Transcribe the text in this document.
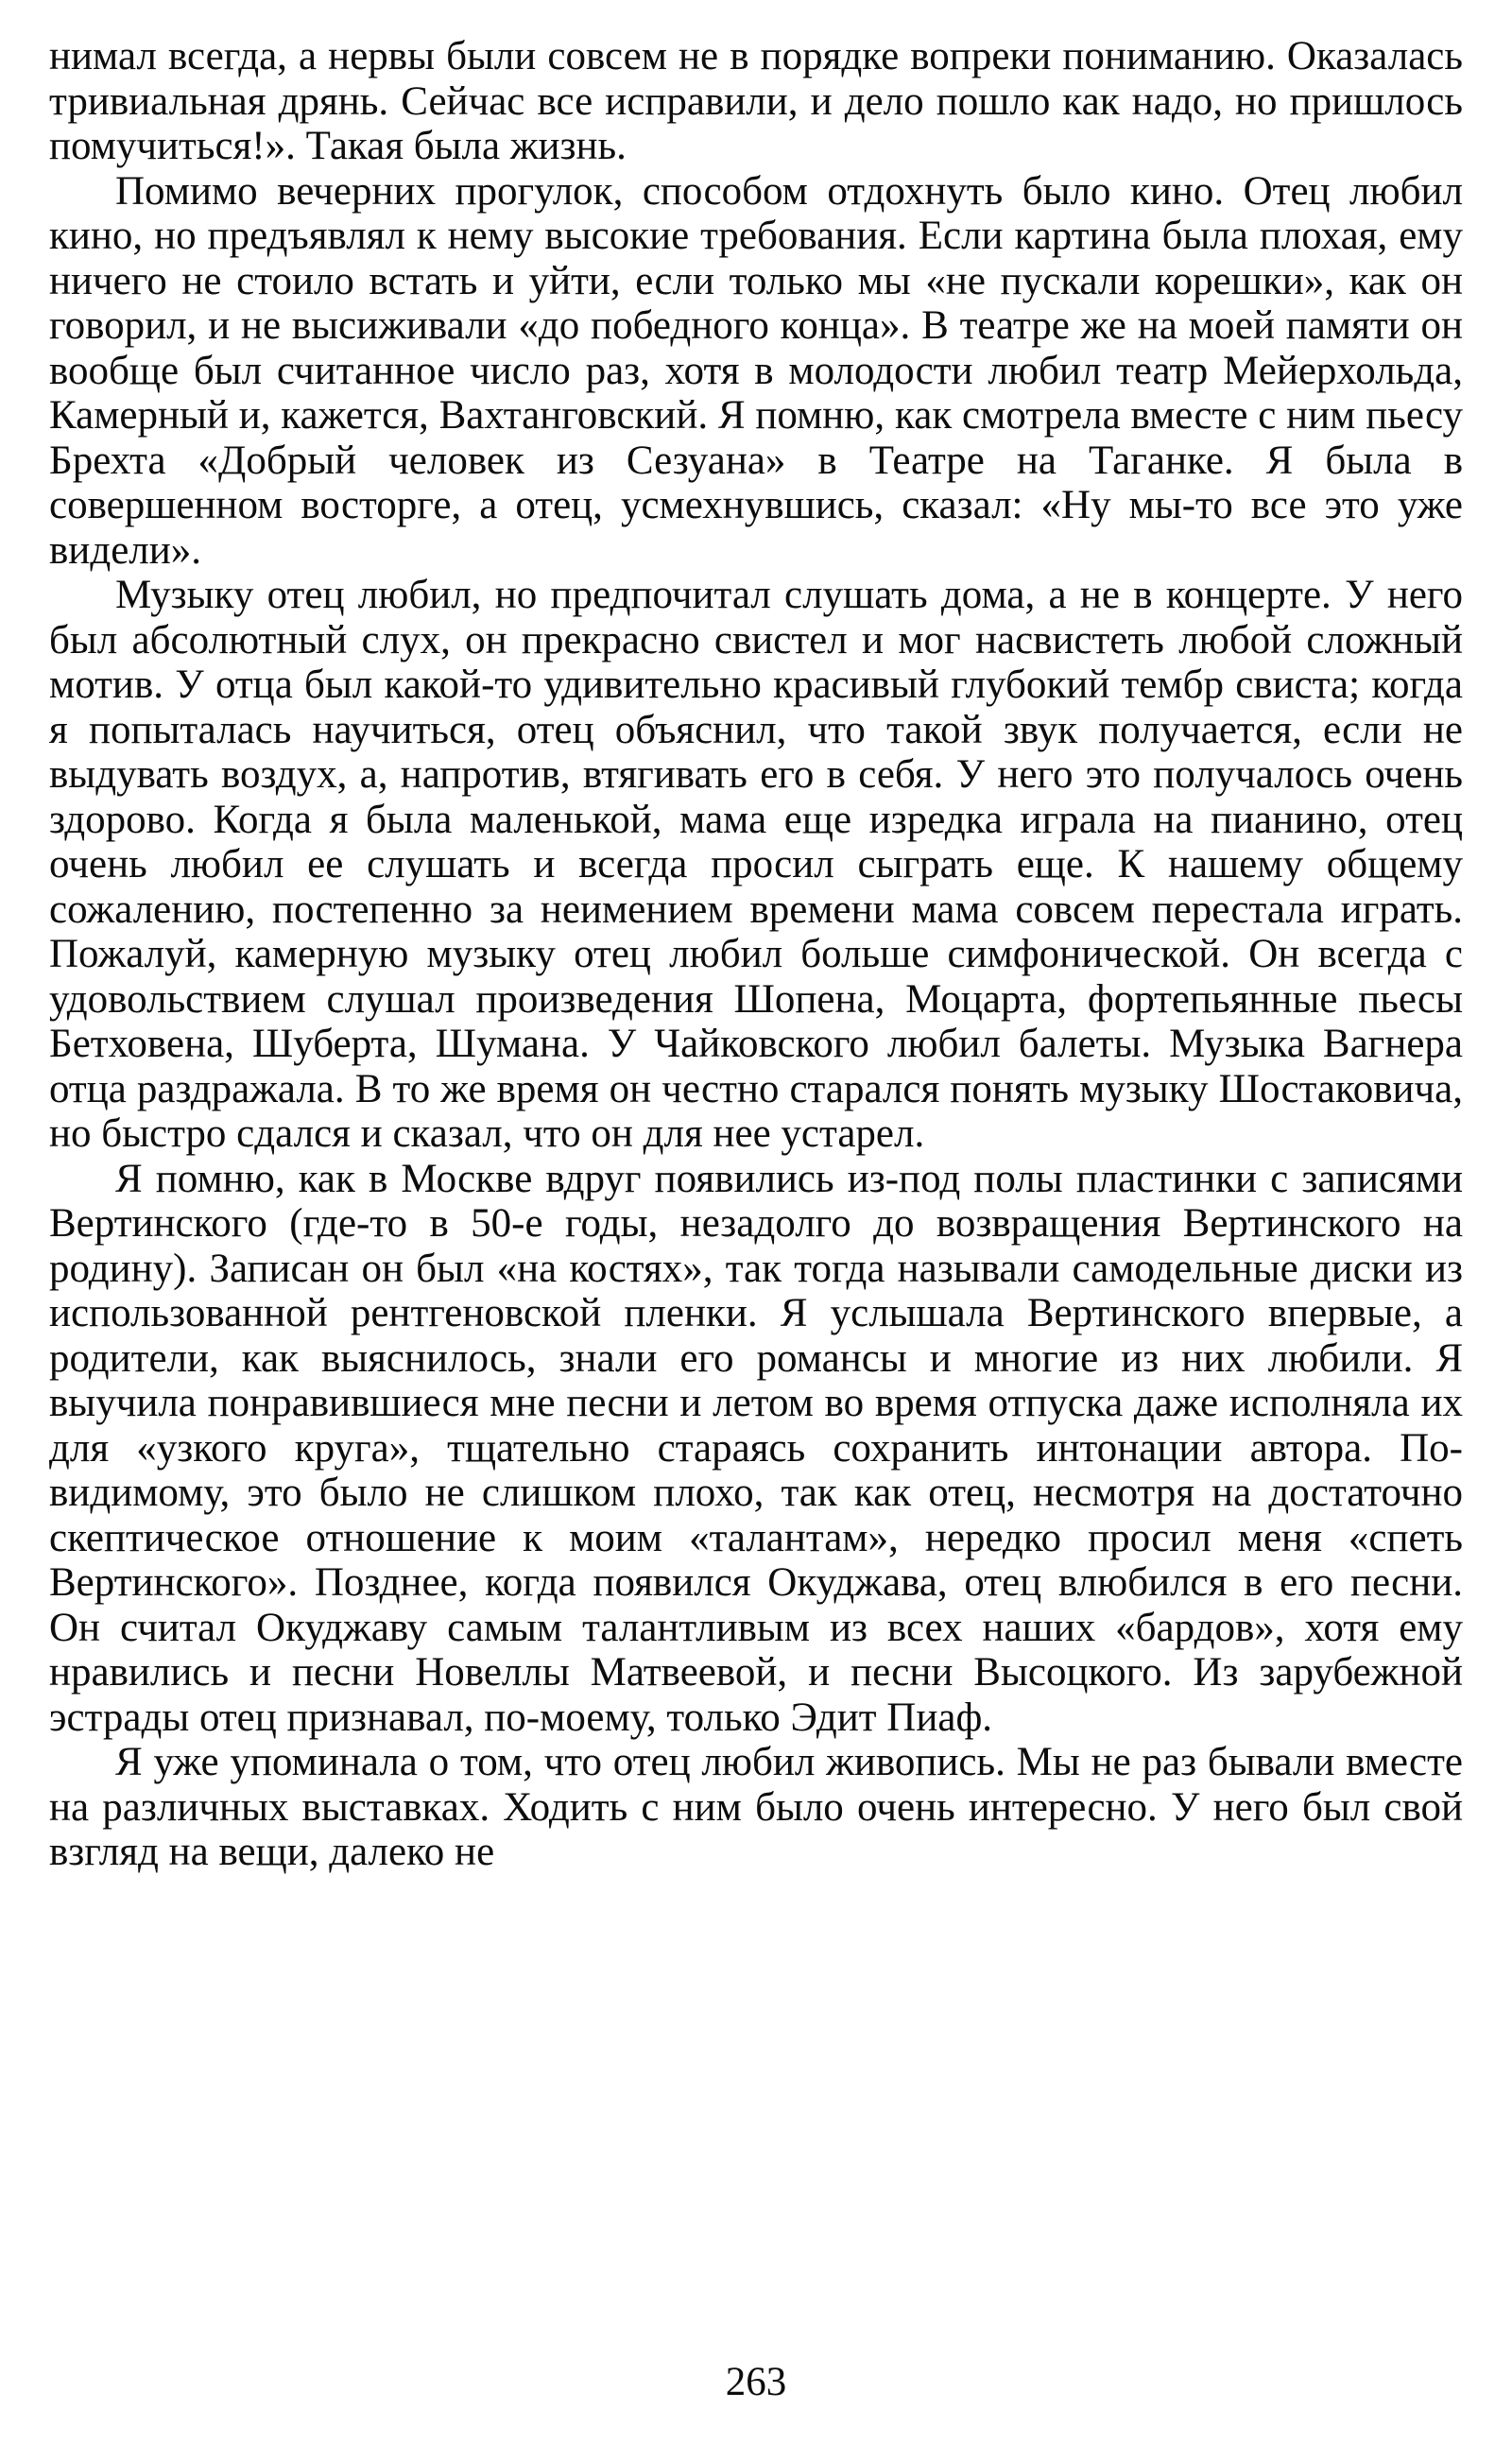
нимал всегда, а нервы были совсем не в порядке вопреки пониманию. Оказалась тривиальная дрянь. Сейчас все исправили, и дело пошло как надо, но пришлось помучиться!». Такая была жизнь.

Помимо вечерних прогулок, способом отдохнуть было кино. Отец любил кино, но предъявлял к нему высокие требования. Если картина была плохая, ему ничего не стоило встать и уйти, если только мы «не пускали корешки», как он говорил, и не высиживали «до победного конца». В театре же на моей памяти он вообще был считанное число раз, хотя в молодости любил театр Мейерхольда, Камерный и, кажется, Вахтанговский. Я помню, как смотрела вместе с ним пьесу Брехта «Добрый человек из Сезуана» в Театре на Таганке. Я была в совершенном восторге, а отец, усмехнувшись, сказал: «Ну мы-то все это уже видели».

Музыку отец любил, но предпочитал слушать дома, а не в концерте. У него был абсолютный слух, он прекрасно свистел и мог насвистеть любой сложный мотив. У отца был какой-то удивительно красивый глубокий тембр свиста; когда я попыталась научиться, отец объяснил, что такой звук получается, если не выдувать воздух, а, напротив, втягивать его в себя. У него это получалось очень здорово. Когда я была маленькой, мама еще изредка играла на пианино, отец очень любил ее слушать и всегда просил сыграть еще. К нашему общему сожалению, постепенно за неимением времени мама совсем перестала играть. Пожалуй, камерную музыку отец любил больше симфонической. Он всегда с удовольствием слушал произведения Шопена, Моцарта, фортепьянные пьесы Бетховена, Шуберта, Шумана. У Чайковского любил балеты. Музыка Вагнера отца раздражала. В то же время он честно старался понять музыку Шостаковича, но быстро сдался и сказал, что он для нее устарел.

Я помню, как в Москве вдруг появились из-под полы пластинки с записями Вертинского (где-то в 50-е годы, незадолго до возвращения Вертинского на родину). Записан он был «на костях», так тогда называли самодельные диски из использованной рентгеновской пленки. Я услышала Вертинского впервые, а родители, как выяснилось, знали его романсы и многие из них любили. Я выучила понравившиеся мне песни и летом во время отпуска даже исполняла их для «узкого круга», тщательно стараясь сохранить интонации автора. По-видимому, это было не слишком плохо, так как отец, несмотря на достаточно скептическое отношение к моим «талантам», нередко просил меня «спеть Вертинского». Позднее, когда появился Окуджава, отец влюбился в его песни. Он считал Окуджаву самым талантливым из всех наших «бардов», хотя ему нравились и песни Новеллы Матвеевой, и песни Высоцкого. Из зарубежной эстрады отец признавал, по-моему, только Эдит Пиаф.

Я уже упоминала о том, что отец любил живопись. Мы не раз бывали вместе на различных выставках. Ходить с ним было очень интересно. У него был свой взгляд на вещи, далеко не

263
